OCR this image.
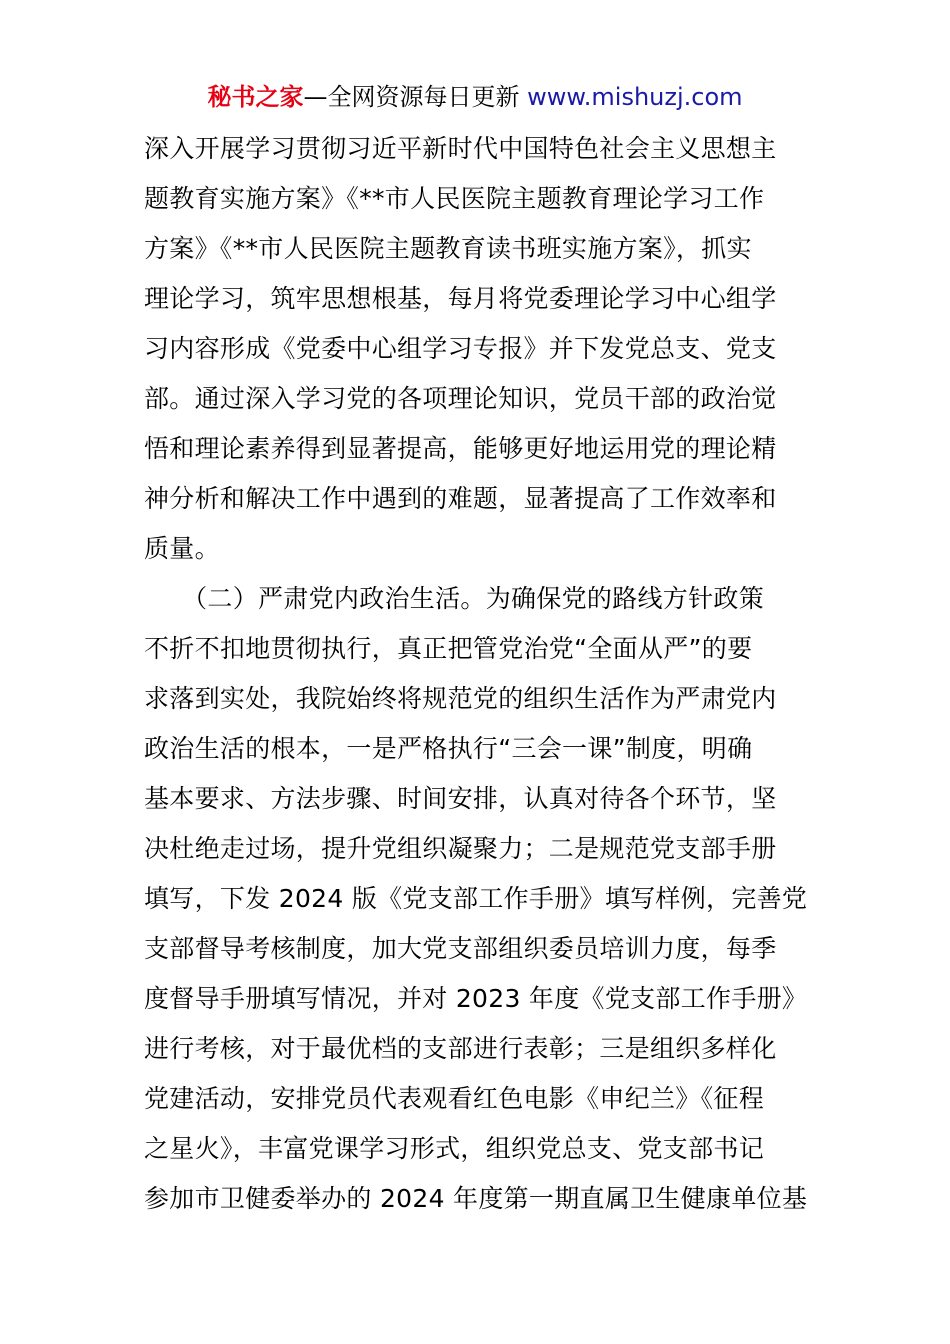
秘书之家—全网资源每日更新 www.mishuzj.com
深入开展学习贯彻习近平新时代中国特色社会主义思想主
题教育实施方案》《**市人民医院主题教育理论学习工作
方案》《**市人民医院主题教育读书班实施方案》，抓实
理论学习，筑牢思想根基，每月将党委理论学习中心组学
习内容形成《党委中心组学习专报》并下发党总支、党支
部。通过深入学习党的各项理论知识，党员干部的政治觉
悟和理论素养得到显著提高，能够更好地运用党的理论精
神分析和解决工作中遇到的难题，显著提高了工作效率和
质量。
　　（二）严肃党内政治生活。为确保党的路线方针政策
不折不扣地贯彻执行，真正把管党治党“全面从严”的要
求落到实处，我院始终将规范党的组织生活作为严肃党内
政治生活的根本，一是严格执行“三会一课”制度，明确
基本要求、方法步骤、时间安排，认真对待各个环节，坚
决杜绝走过场，提升党组织凝聚力；二是规范党支部手册
填写，下发 2024 版《党支部工作手册》填写样例，完善党
支部督导考核制度，加大党支部组织委员培训力度，每季
度督导手册填写情况，并对 2023 年度《党支部工作手册》
进行考核，对于最优档的支部进行表彰；三是组织多样化
党建活动，安排党员代表观看红色电影《申纪兰》《征程
之星火》，丰富党课学习形式，组织党总支、党支部书记
参加市卫健委举办的 2024 年度第一期直属卫生健康单位基
